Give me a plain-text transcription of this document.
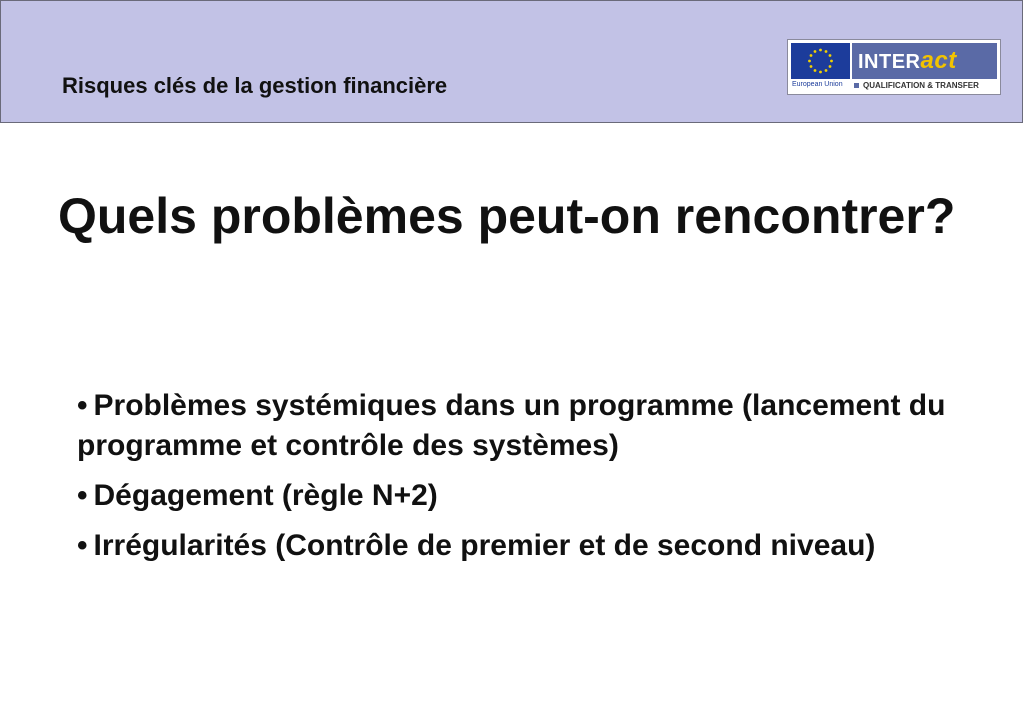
Risques clés de la gestion financière	European Union
INTERact
QUALIFICATION & TRANSFER
Quels problèmes peut-on rencontrer?
• Problèmes systémiques dans un programme (lancement du programme et contrôle des systèmes)
• Dégagement (règle N+2)
• Irrégularités (Contrôle de premier et de second niveau)
